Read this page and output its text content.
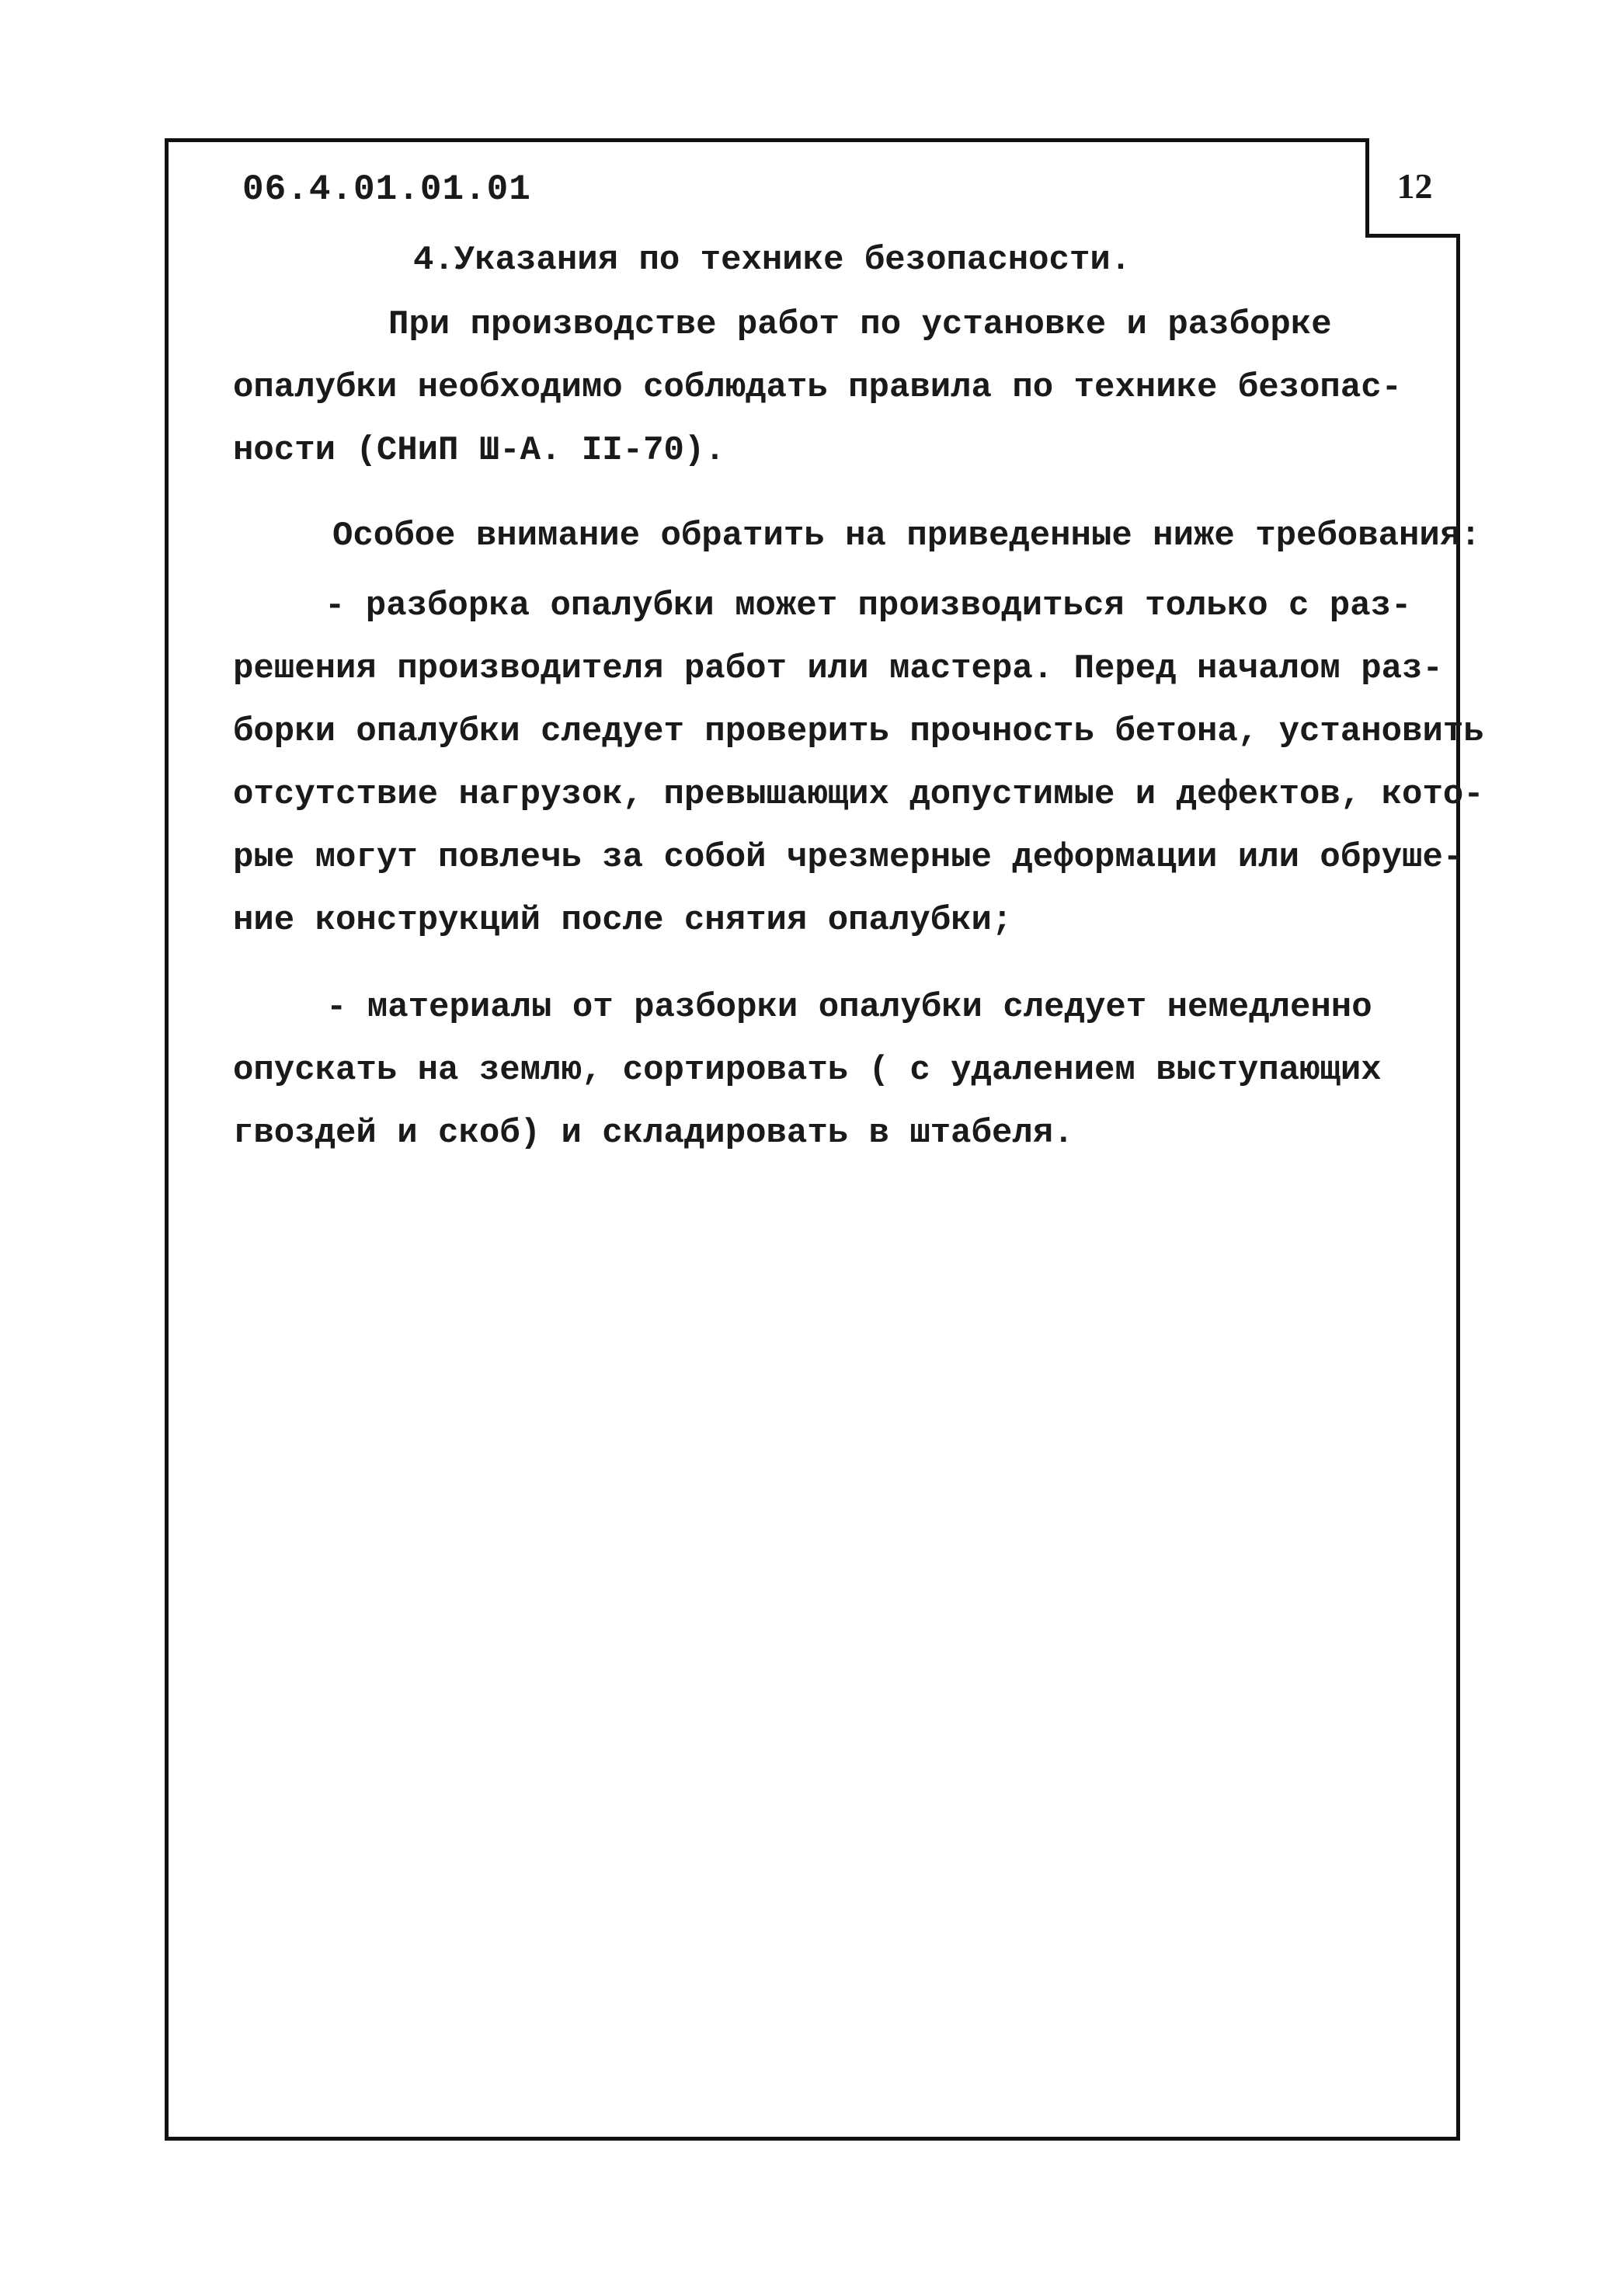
12
06.4.01.01.01
4.Указания по технике безопасности.
При производстве работ по установке и разборке
опалубки необходимо соблюдать правила по технике безопас-
ности (СНиП Ш-А. II-70).
Особое внимание обратить на приведенные ниже требования:
- разборка опалубки может производиться только с раз-
решения производителя работ или мастера. Перед началом раз-
борки опалубки следует проверить прочность бетона, установить
отсутствие нагрузок, превышающих допустимые и дефектов, кото-
рые могут повлечь за собой чрезмерные деформации или обруше-
ние конструкций после снятия опалубки;
- материалы от разборки опалубки следует немедленно
опускать на землю, сортировать ( с удалением выступающих
гвоздей и скоб) и складировать в штабеля.
